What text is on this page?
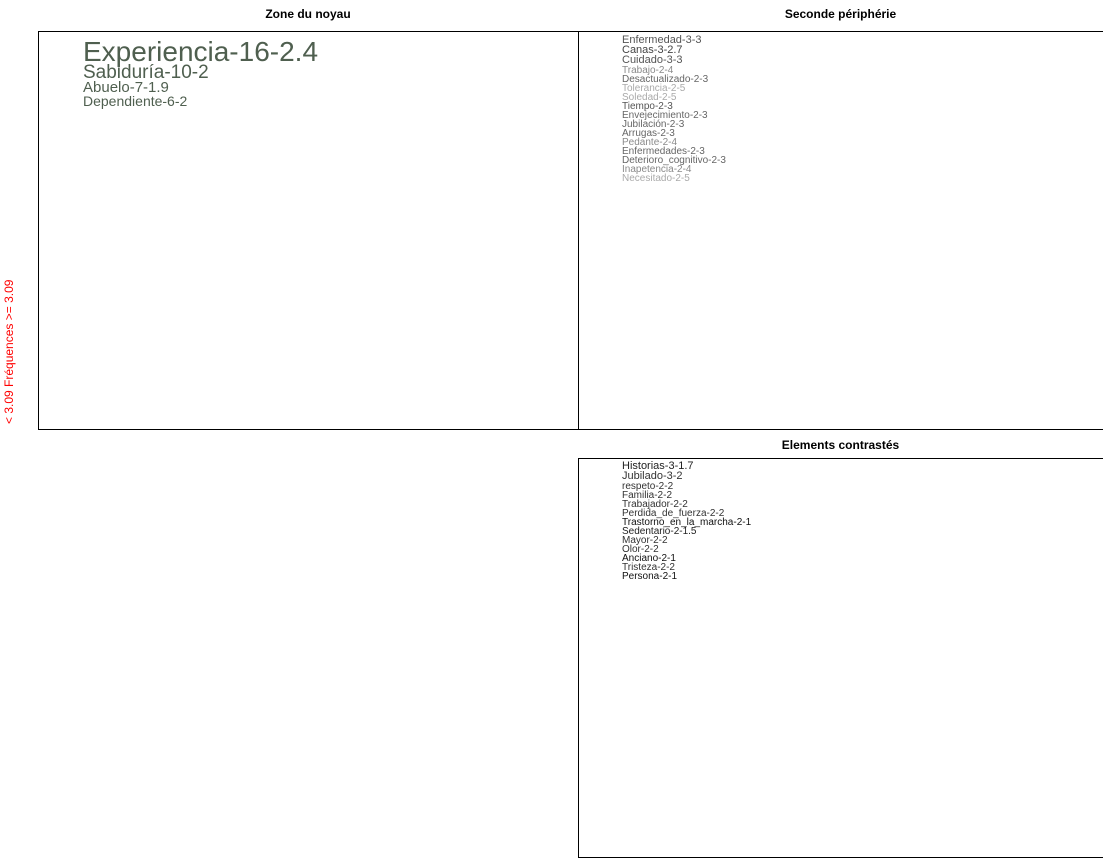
< 3.09 Fréquences >= 3.09
Zone du noyau
Experiencia-16-2.4
Sabiduría-10-2
Abuelo-7-1.9
Dependiente-6-2
Seconde périphérie
Enfermedad-3-3
Canas-3-2.7
Cuidado-3-3
Trabajo-2-4
Desactualizado-2-3
Tolerancia-2-5
Soledad-2-5
Tiempo-2-3
Envejecimiento-2-3
Jubilación-2-3
Arrugas-2-3
Pedante-2-4
Enfermedades-2-3
Deterioro_cognitivo-2-3
Inapetencia-2-4
Necesitado-2-5
Elements contrastés
Historias-3-1.7
Jubilado-3-2
respeto-2-2
Familia-2-2
Trabajador-2-2
Perdida_de_fuerza-2-2
Trastorno_en_la_marcha-2-1
Sedentario-2-1.5
Mayor-2-2
Olor-2-2
Anciano-2-1
Tristeza-2-2
Persona-2-1
